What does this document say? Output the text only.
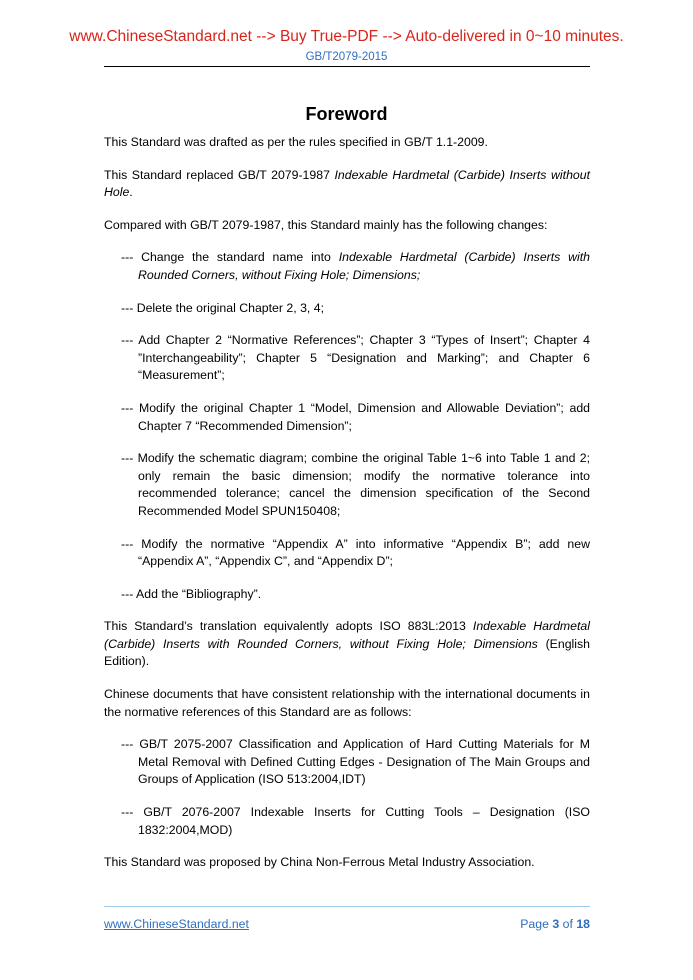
www.ChineseStandard.net --> Buy True-PDF --> Auto-delivered in 0~10 minutes.
GB/T2079-2015
Foreword

This Standard was drafted as per the rules specified in GB/T 1.1-2009.

This Standard replaced GB/T 2079-1987 Indexable Hardmetal (Carbide) Inserts without Hole.

Compared with GB/T 2079-1987, this Standard mainly has the following changes:

--- Change the standard name into Indexable Hardmetal (Carbide) Inserts with Rounded Corners, without Fixing Hole; Dimensions;
--- Delete the original Chapter 2, 3, 4;
--- Add Chapter 2 “Normative References”; Chapter 3 “Types of Insert”; Chapter 4 ”Interchangeability”; Chapter 5 “Designation and Marking”; and Chapter 6 “Measurement”;
--- Modify the original Chapter 1 “Model, Dimension and Allowable Deviation”; add Chapter 7 “Recommended Dimension”;
--- Modify the schematic diagram; combine the original Table 1~6 into Table 1 and 2; only remain the basic dimension; modify the normative tolerance into recommended tolerance; cancel the dimension specification of the Second Recommended Model SPUN150408;
--- Modify the normative “Appendix A” into informative “Appendix B”; add new “Appendix A”, “Appendix C”, and “Appendix D”;
--- Add the “Bibliography”.

This Standard’s translation equivalently adopts ISO 883L:2013 Indexable Hardmetal (Carbide) Inserts with Rounded Corners, without Fixing Hole; Dimensions (English Edition).

Chinese documents that have consistent relationship with the international documents in the normative references of this Standard are as follows:

--- GB/T 2075-2007 Classification and Application of Hard Cutting Materials for M Metal Removal with Defined Cutting Edges - Designation of The Main Groups and Groups of Application (ISO 513:2004,IDT)
--- GB/T 2076-2007 Indexable Inserts for Cutting Tools – Designation (ISO 1832:2004,MOD)

This Standard was proposed by China Non-Ferrous Metal Industry Association.

www.ChineseStandard.net	Page 3 of 18
